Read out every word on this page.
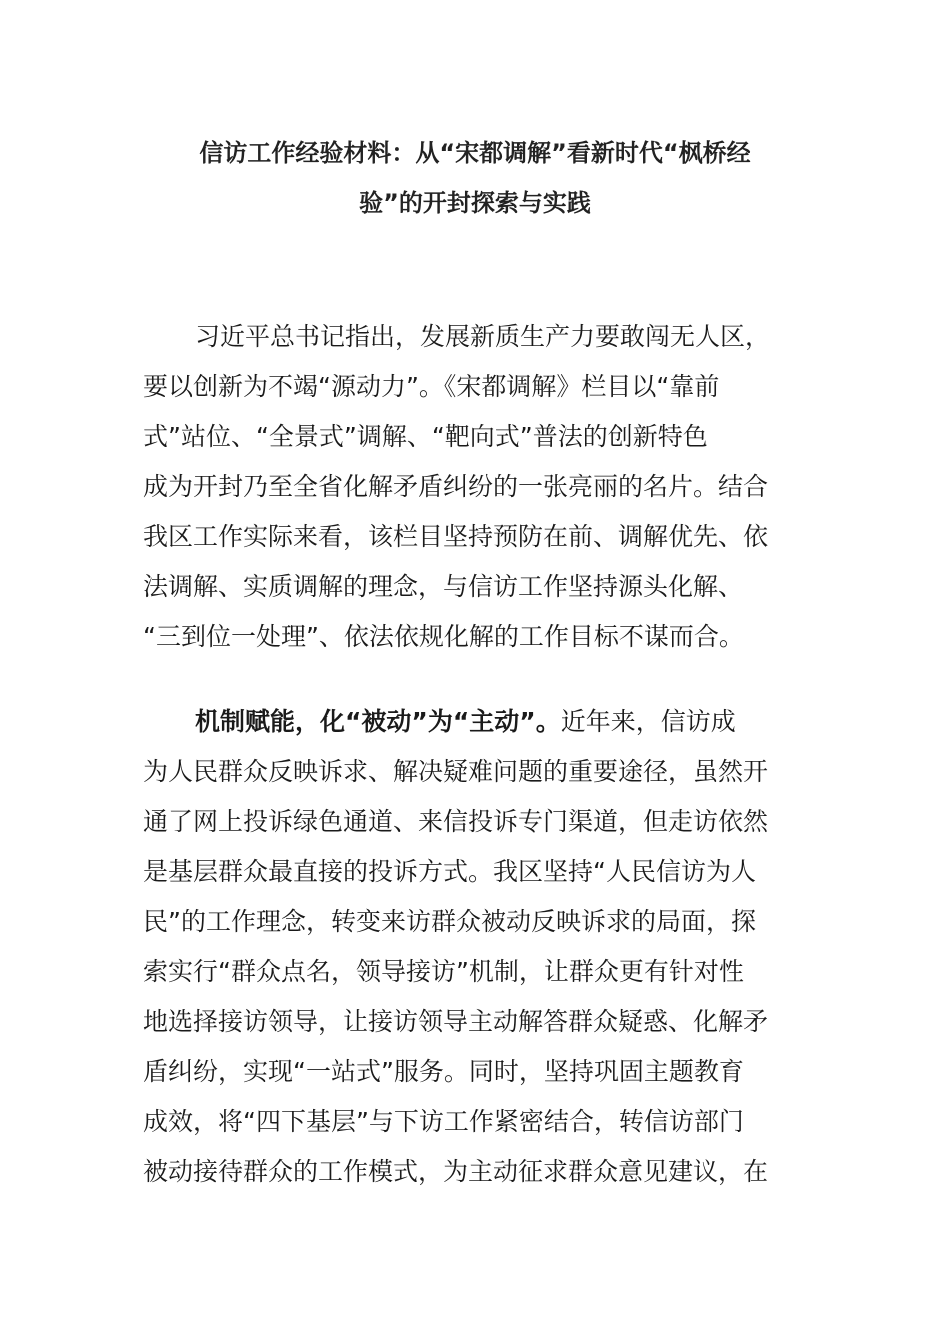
信访工作经验材料：从“宋都调解”看新时代“枫桥经
验”的开封探索与实践
习近平总书记指出，发展新质生产力要敢闯无人区，
要以创新为不竭“源动力”。《宋都调解》栏目以“靠前
式”站位、“全景式”调解、“靶向式”普法的创新特色
成为开封乃至全省化解矛盾纠纷的一张亮丽的名片。结合
我区工作实际来看，该栏目坚持预防在前、调解优先、依
法调解、实质调解的理念，与信访工作坚持源头化解、
“三到位一处理”、依法依规化解的工作目标不谋而合。
机制赋能，化“被动”为“主动”。近年来，信访成
为人民群众反映诉求、解决疑难问题的重要途径，虽然开
通了网上投诉绿色通道、来信投诉专门渠道，但走访依然
是基层群众最直接的投诉方式。我区坚持“人民信访为人
民”的工作理念，转变来访群众被动反映诉求的局面，探
索实行“群众点名，领导接访”机制，让群众更有针对性
地选择接访领导，让接访领导主动解答群众疑惑、化解矛
盾纠纷，实现“一站式”服务。同时，坚持巩固主题教育
成效，将“四下基层”与下访工作紧密结合，转信访部门
被动接待群众的工作模式，为主动征求群众意见建议，在
